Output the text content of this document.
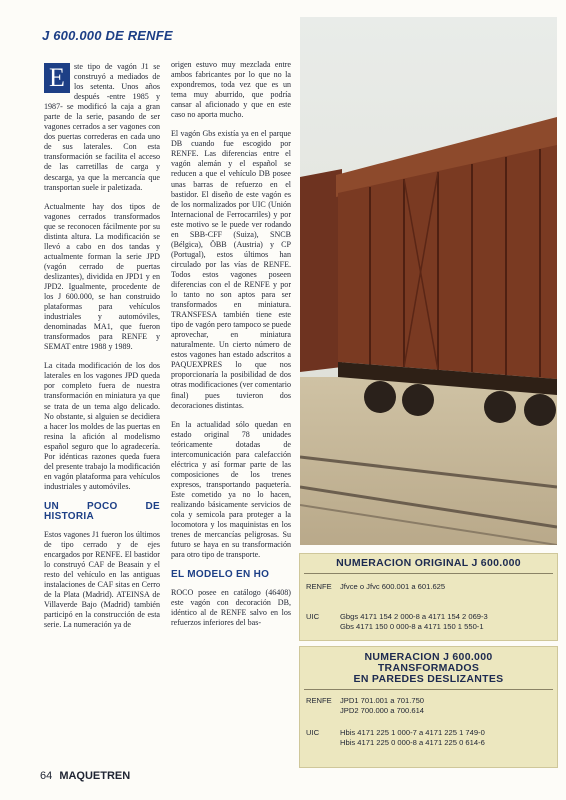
J 600.000 DE RENFE

E	ste tipo de vagón J1 se construyó a mediados de los setenta. Unos años después -entre 1985 y 1987- se modificó la caja a gran parte de la serie, pasando de ser vagones cerrados a ser vagones con dos puertas correderas en cada uno de sus laterales. Con esta transformación se facilita el acceso de las carretillas de carga y descarga, ya que la mercancía que transportan suele ir paletizada.

Actualmente hay dos tipos de vagones cerrados transformados que se reconocen fácilmente por su distinta altura. La modificación se llevó a cabo en dos tandas y actualmente forman la serie JPD (vagón cerrado de puertas deslizantes), dividida en JPD1 y en JPD2. Igualmente, procedente de los J 600.000, se han construido plataformas para vehículos industriales y automóviles, denominadas MA1, que fueron transformados para RENFE y SEMAT entre 1988 y 1989.

La citada modificación de los dos laterales en los vagones JPD queda por completo fuera de nuestra transformación en miniatura ya que se trata de un tema algo delicado. No obstante, si alguien se decidiera a hacer los moldes de las puertas en resina la afición al modelismo español seguro que lo agradecería. Por idénticas razones queda fuera del presente trabajo la modificación en vagón plataforma para vehículos industriales y automóviles.

UN POCO DE HISTORIA

Estos vagones J1 fueron los últimos de tipo cerrado y de ejes encargados por RENFE. El bastidor lo construyó CAF de Beasain y el resto del vehículo en las antiguas instalaciones de CAF sitas en Cerro de la Plata (Madrid). ATEINSA de Villaverde Bajo (Madrid) también participó en la construcción de esta serie. La numeración ya de

origen estuvo muy mezclada entre ambos fabricantes por lo que no la expondremos, toda vez que es un tema muy aburrido, que podría cansar al aficionado y que en este caso no aporta mucho.

El vagón Gbs existía ya en el parque DB cuando fue escogido por RENFE. Las diferencias entre el vagón alemán y el español se reducen a que el vehículo DB posee unas barras de refuerzo en el bastidor. El diseño de este vagón es de los normalizados por UIC (Unión Internacional de Ferrocarriles) y por este motivo se le puede ver rodando en SBB-CFF (Suiza), SNCB (Bélgica), ÖBB (Austria) y CP (Portugal), estos últimos han circulado por las vías de RENFE. Todos estos vagones poseen diferencias con el de RENFE y por lo tanto no son aptos para ser transformados en miniatura. TRANSFESA también tiene este tipo de vagón pero tampoco se puede aprovechar, en miniatura naturalmente. Un cierto número de estos vagones han estado adscritos a PAQUEXPRES lo que nos proporcionaría la posibilidad de dos otras modificaciones (ver comentario final) pues tuvieron dos decoraciones distintas.

En la actualidad sólo quedan en estado original 78 unidades teóricamente dotadas de intercomunicación para calefacción eléctrica y así formar parte de las composiciones de los trenes expresos, transportando paquetería. Este cometido ya no lo hacen, realizando básicamente servicios de cola y semicola para proteger a la locomotora y los maquinistas en los trenes de mercancías peligrosas. Su futuro se haya en su transformación para otro tipo de transporte.

EL MODELO EN HO

ROCO posee en catálogo (46408) este vagón con decoración DB, idéntico al de RENFE salvo en los refuerzos inferiores del bas-

NUMERACION ORIGINAL J 600.000
RENFE Jfvce o Jfvc 600.001 a 601.625
UIC	Gbgs 4171 154 2 000-8 a 4171 154 2 069-3
Gbs 4171 150 0 000-8 a 4171 150 1 550-1
NUMERACION J 600.000
TRANSFORMADOS
EN PAREDES DESLIZANTES
RENFE JPD1 701.001 a 701.750
JPD2 700.000 a 700.614
UIC	Hbis 4171 225 1 000-7 a 4171 225 1 749-0
Hbis 4171 225 0 000-8 a 4171 225 0 614-6
64 MAQUETREN
